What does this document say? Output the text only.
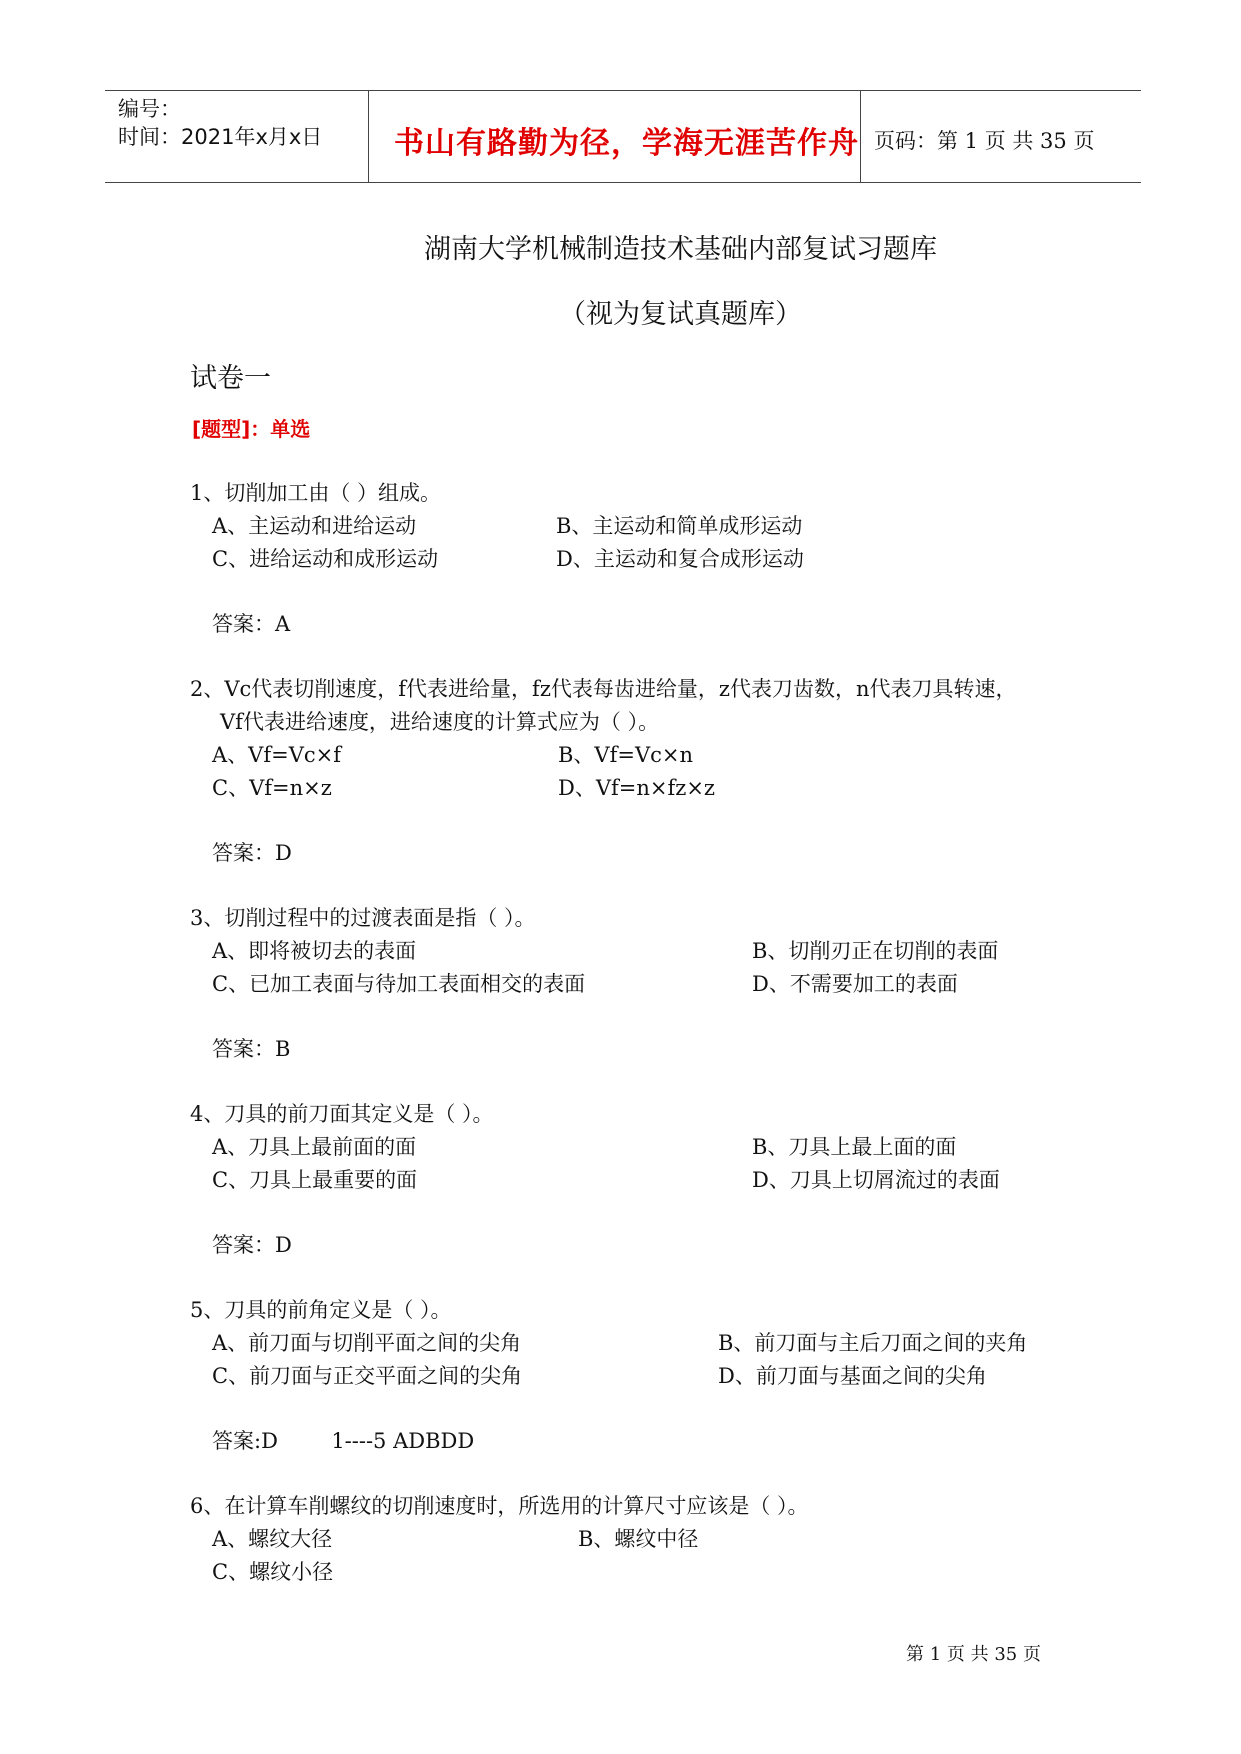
编号：
时间：2021年x月x日 书山有路勤为径，学海无涯苦作舟 页码：第 1 页 共 35 页
湖南大学机械制造技术基础内部复试习题库
（视为复试真题库）
试卷一
[题型]：单选
1、切削加工由（ ）组成。
A、主运动和进给运动	B、主运动和简单成形运动
C、进给运动和成形运动	D、主运动和复合成形运动
答案：A
2、Vc代表切削速度，f代表进给量，fz代表每齿进给量，z代表刀齿数，n代表刀具转速，
Vf代表进给速度，进给速度的计算式应为（ ）。
A、Vf=Vc×f	B、Vf=Vc×n
C、Vf=n×z	D、Vf=n×fz×z
答案：D
3、切削过程中的过渡表面是指（ ）。
A、即将被切去的表面	B、切削刃正在切削的表面
C、已加工表面与待加工表面相交的表面	D、不需要加工的表面
答案：B
4、刀具的前刀面其定义是（ ）。
A、刀具上最前面的面	B、刀具上最上面的面
C、刀具上最重要的面	D、刀具上切屑流过的表面
答案：D
5、刀具的前角定义是（ ）。
A、前刀面与切削平面之间的尖角	B、前刀面与主后刀面之间的夹角
C、前刀面与正交平面之间的尖角	D、前刀面与基面之间的尖角
答案:D        1----5 ADBDD
6、在计算车削螺纹的切削速度时，所选用的计算尺寸应该是（ ）。
A、螺纹大径	B、螺纹中径
C、螺纹小径
第 1 页 共 35 页
